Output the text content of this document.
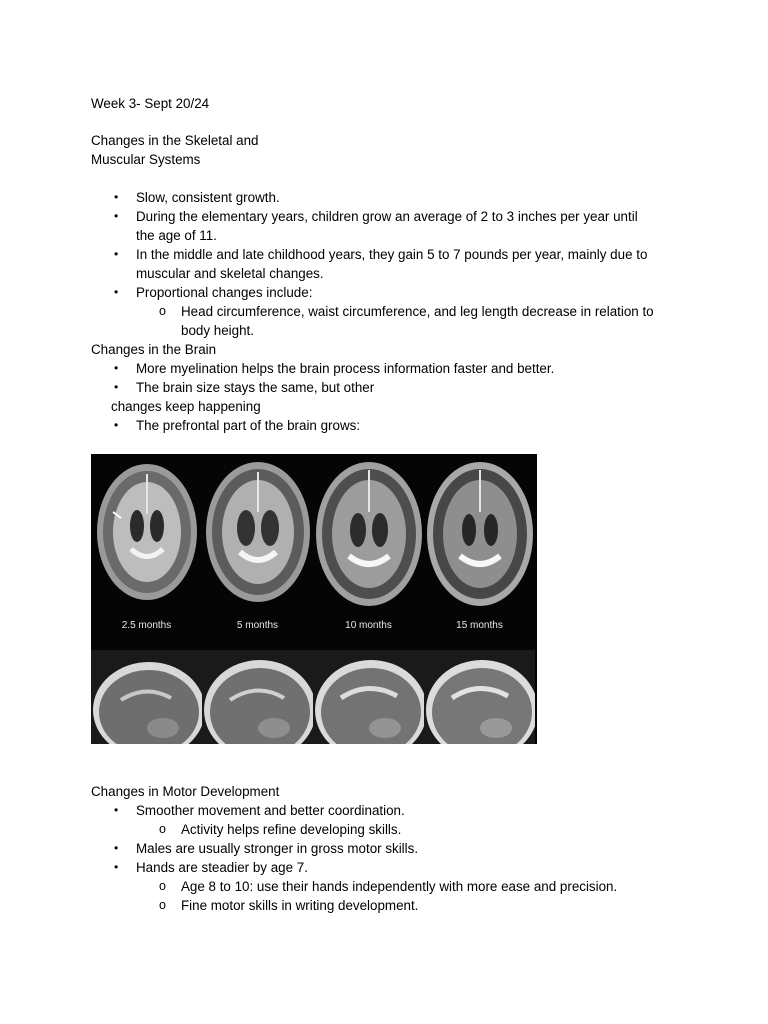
Week 3- Sept 20/24
Changes in the Skeletal and
Muscular Systems
• Slow, consistent growth.
• During the elementary years, children grow an average of 2 to 3 inches per year until
the age of 11.
• In the middle and late childhood years, they gain 5 to 7 pounds per year, mainly due to
muscular and skeletal changes.
• Proportional changes include:
o Head circumference, waist circumference, and leg length decrease in relation to
body height.
Changes in the Brain
• More myelination helps the brain process information faster and better.
• The brain size stays the same, but other
changes keep happening
• The prefrontal part of the brain grows:
2.5 months	5 months	10 months	15 months
Changes in Motor Development
• Smoother movement and better coordination.
o Activity helps refine developing skills.
• Males are usually stronger in gross motor skills.
• Hands are steadier by age 7.
o Age 8 to 10: use their hands independently with more ease and precision.
o Fine motor skills in writing development.
